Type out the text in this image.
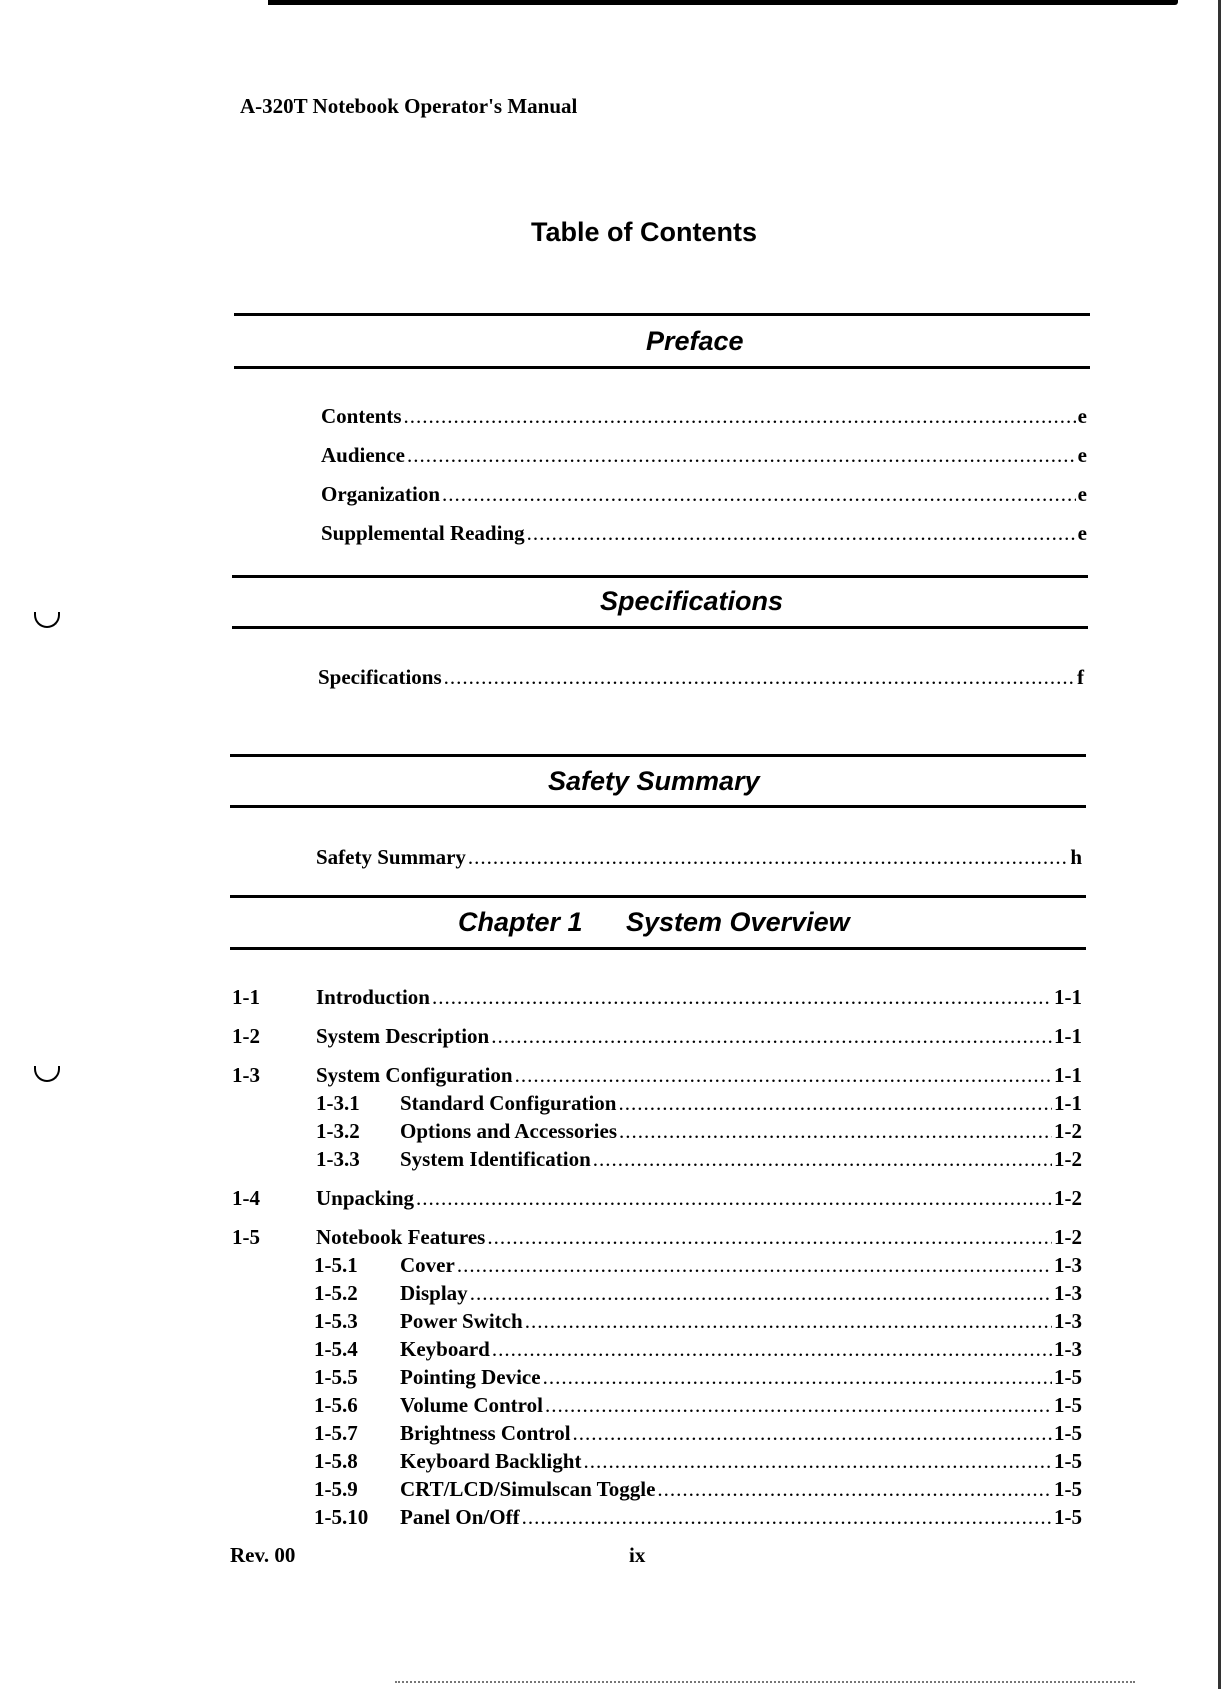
A-320T Notebook Operator's Manual
Table of Contents
Preface
Contents .....	e
Audience .....	e
Organization .....	e
Supplemental Reading .....	e
Specifications
Specifications .....	f
Safety Summary
Safety Summary .....	h
Chapter 1 System Overview
1-1	Introduction .....	1-1
1-2	System Description .....	1-1
1-3	System Configuration .....	1-1
1-3.1	Standard Configuration .....	1-1
1-3.2	Options and Accessories .....	1-2
1-3.3	System Identification .....	1-2
1-4	Unpacking .....	1-2
1-5	Notebook Features .....	1-2
1-5.1	Cover .....	1-3
1-5.2	Display .....	1-3
1-5.3	Power Switch .....	1-3
1-5.4	Keyboard .....	1-3
1-5.5	Pointing Device .....	1-5
1-5.6	Volume Control .....	1-5
1-5.7	Brightness Control .....	1-5
1-5.8	Keyboard Backlight .....	1-5
1-5.9	CRT/LCD/Simulscan Toggle .....	1-5
1-5.10	Panel On/Off .....	1-5
Rev. 00	ix
